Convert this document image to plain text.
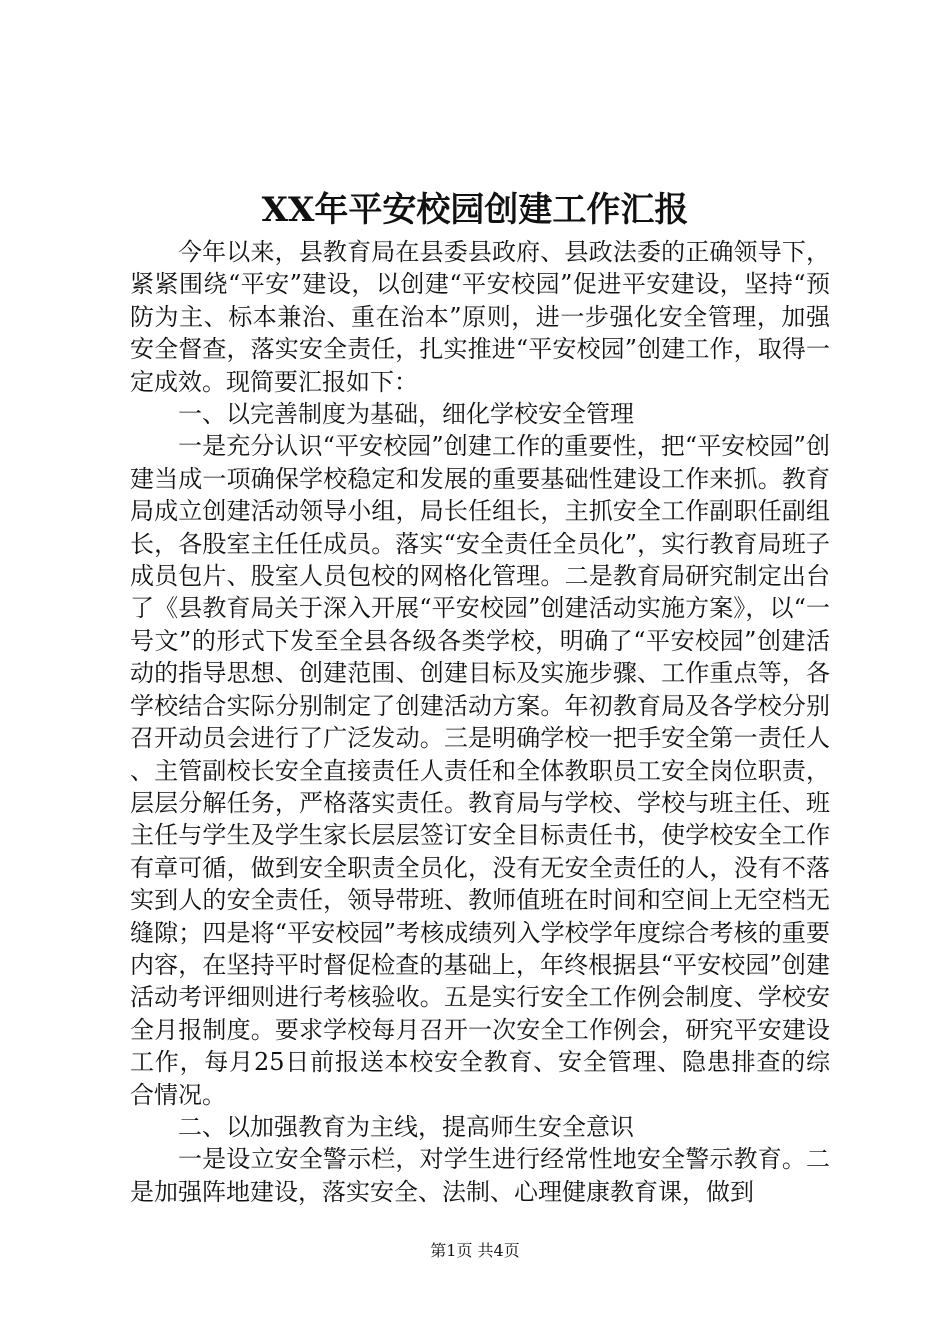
XX年平安校园创建工作汇报

今年以来，县教育局在县委县政府、县政法委的正确领导下，紧紧围绕“平安”建设，以创建“平安校园”促进平安建设，坚持“预防为主、标本兼治、重在治本”原则，进一步强化安全管理，加强安全督查，落实安全责任，扎实推进“平安校园”创建工作，取得一定成效。现简要汇报如下：

一、以完善制度为基础，细化学校安全管理

一是充分认识“平安校园”创建工作的重要性，把“平安校园”创建当成一项确保学校稳定和发展的重要基础性建设工作来抓。教育局成立创建活动领导小组，局长任组长，主抓安全工作副职任副组长，各股室主任任成员。落实“安全责任全员化”，实行教育局班子成员包片、股室人员包校的网格化管理。二是教育局研究制定出台了《县教育局关于深入开展“平安校园”创建活动实施方案》，以“一号文”的形式下发至全县各级各类学校，明确了“平安校园”创建活动的指导思想、创建范围、创建目标及实施步骤、工作重点等，各学校结合实际分别制定了创建活动方案。年初教育局及各学校分别召开动员会进行了广泛发动。三是明确学校一把手安全第一责任人、主管副校长安全直接责任人责任和全体教职员工安全岗位职责，层层分解任务，严格落实责任。教育局与学校、学校与班主任、班主任与学生及学生家长层层签订安全目标责任书，使学校安全工作有章可循，做到安全职责全员化，没有无安全责任的人，没有不落实到人的安全责任，领导带班、教师值班在时间和空间上无空档无缝隙；四是将“平安校园”考核成绩列入学校学年度综合考核的重要内容，在坚持平时督促检查的基础上，年终根据县“平安校园”创建活动考评细则进行考核验收。五是实行安全工作例会制度、学校安全月报制度。要求学校每月召开一次安全工作例会，研究平安建设工作，每月25日前报送本校安全教育、安全管理、隐患排查的综合情况。

二、以加强教育为主线，提高师生安全意识

一是设立安全警示栏，对学生进行经常性地安全警示教育。二是加强阵地建设，落实安全、法制、心理健康教育课，做到

第1页 共4页
